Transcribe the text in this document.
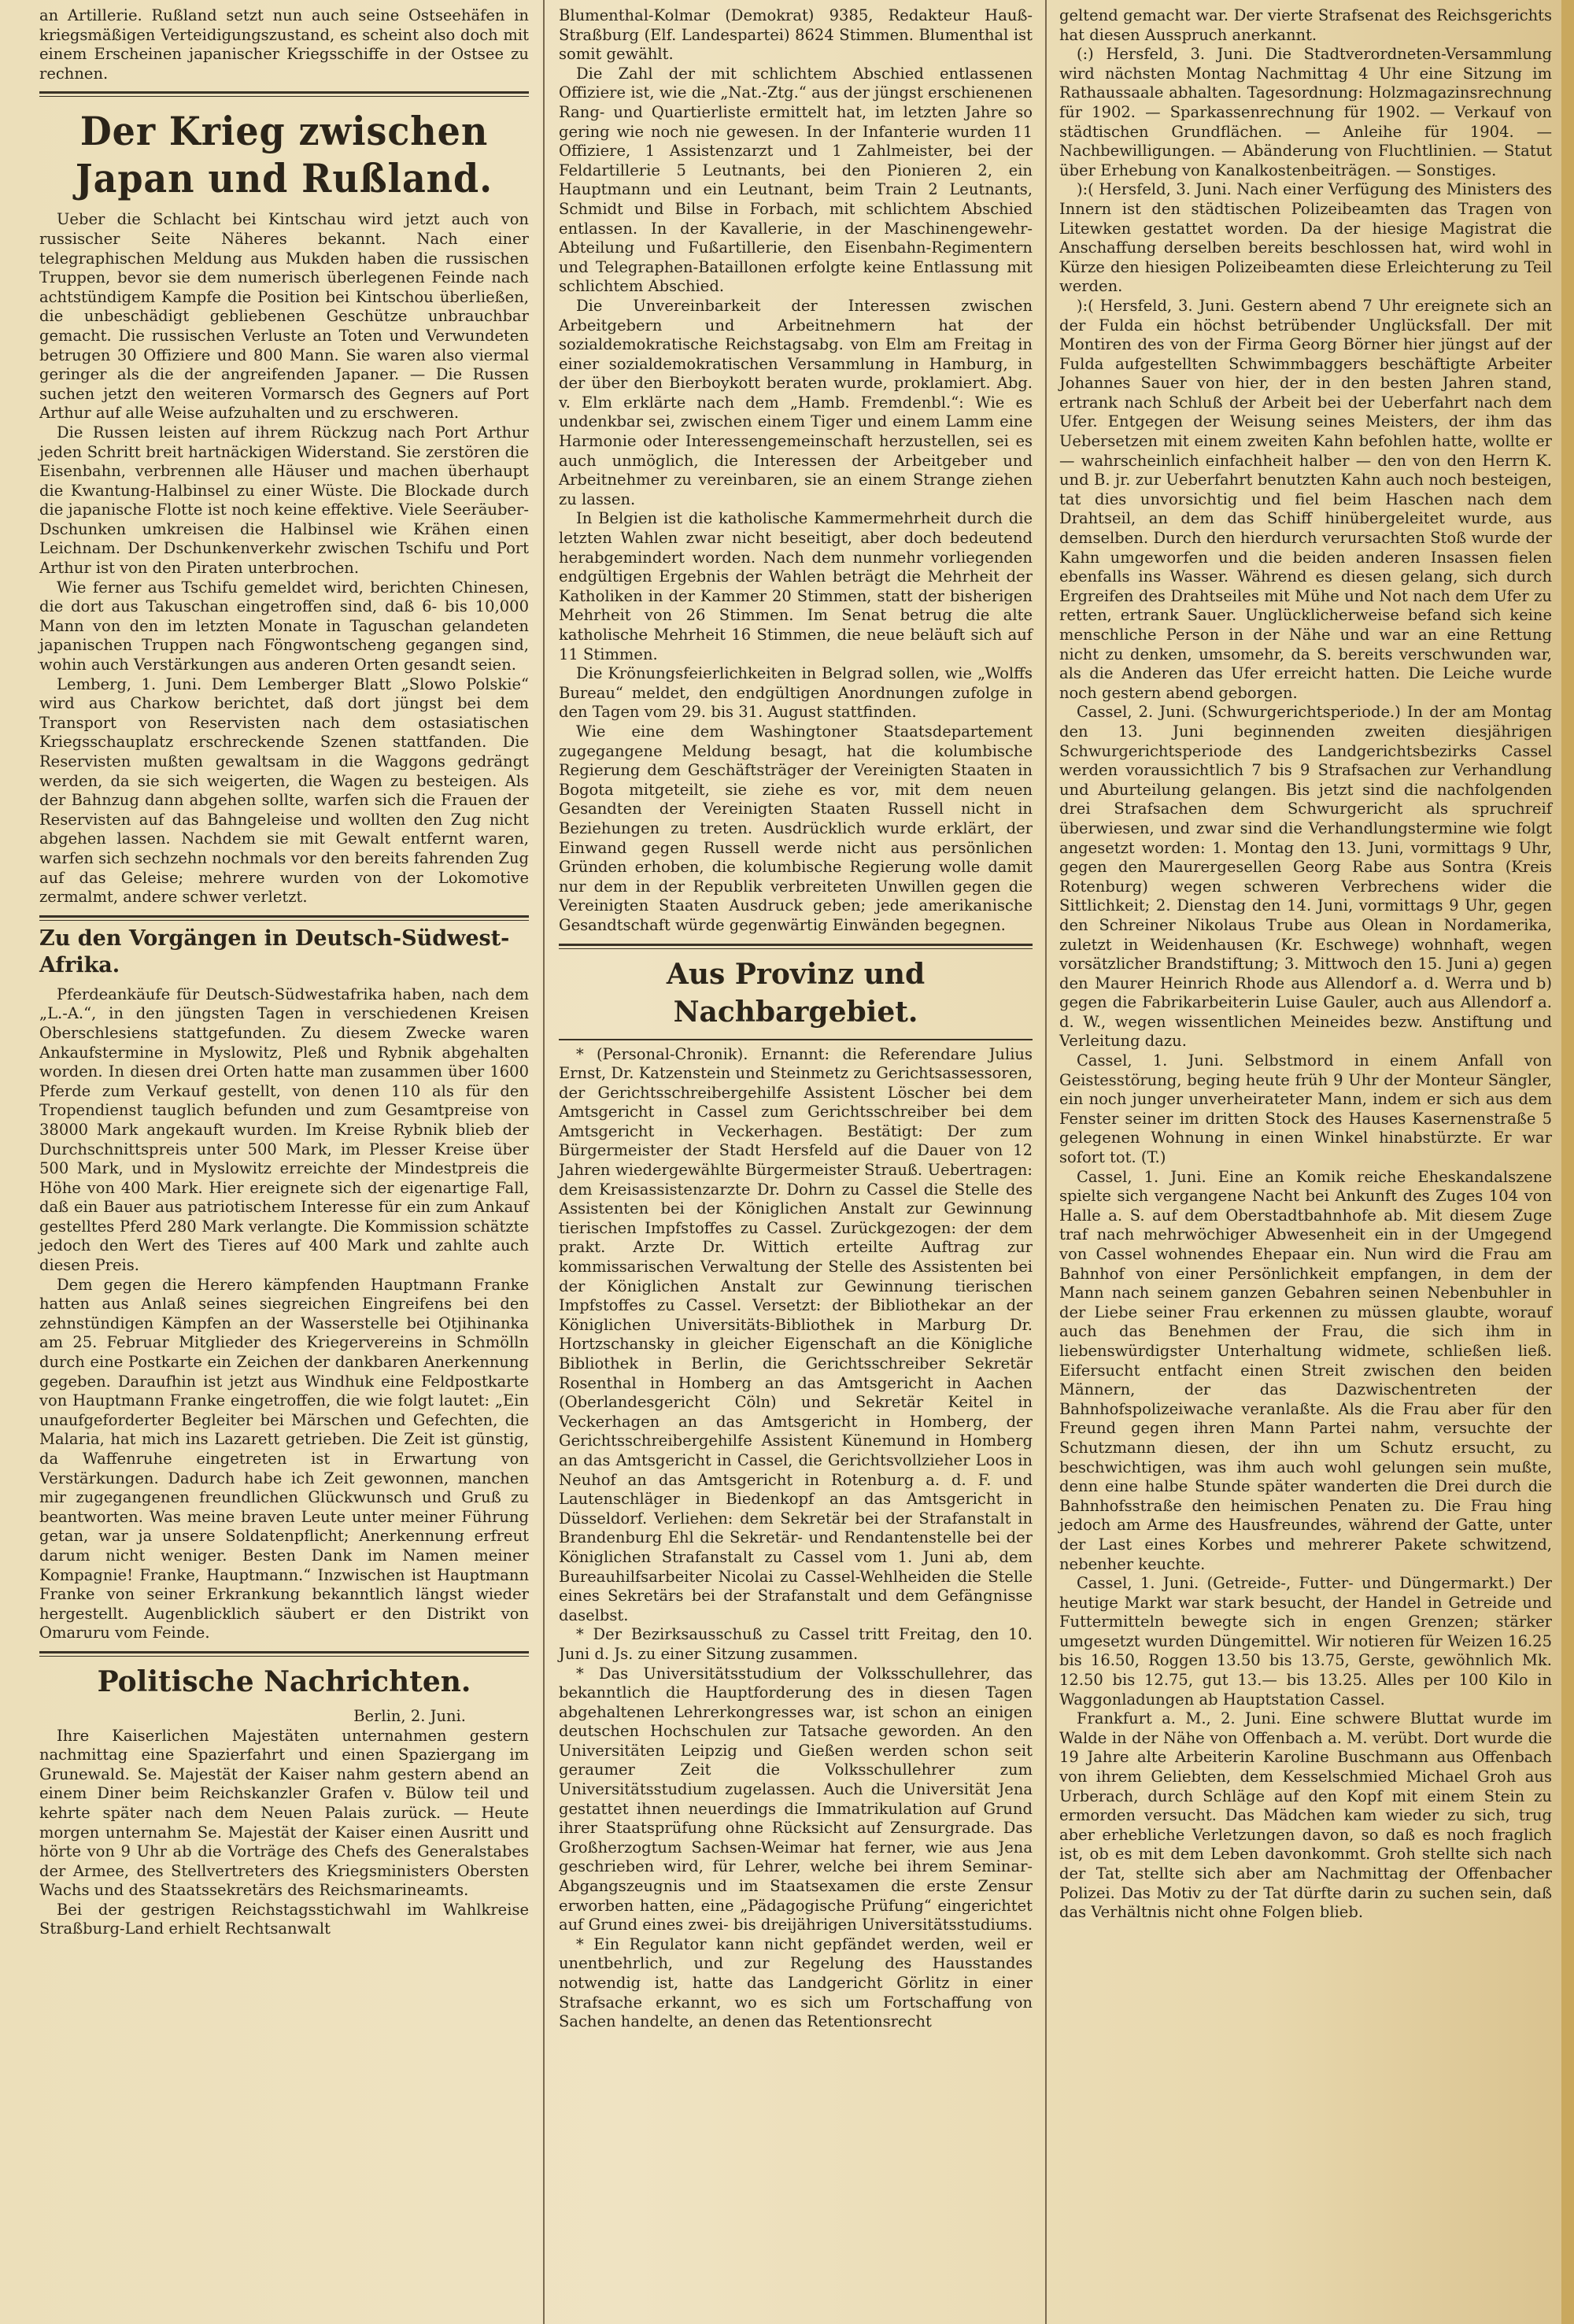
an Artillerie. Rußland setzt nun auch seine Ostseehäfen in kriegsmäßigen Verteidigungszustand, es scheint also doch mit einem Erscheinen japanischer Kriegsschiffe in der Ostsee zu rechnen.

Der Krieg zwischen Japan und Rußland.

Ueber die Schlacht bei Kintschau wird jetzt auch von russischer Seite Näheres bekannt. Nach einer telegraphischen Meldung aus Mukden haben die russischen Truppen, bevor sie dem numerisch überlegenen Feinde nach achtstündigem Kampfe die Position bei Kintschou überließen, die unbeschädigt gebliebenen Geschütze unbrauchbar gemacht. Die russischen Verluste an Toten und Verwundeten betrugen 30 Offiziere und 800 Mann. Sie waren also viermal geringer als die der angreifenden Japaner. — Die Russen suchen jetzt den weiteren Vormarsch des Gegners auf Port Arthur auf alle Weise aufzuhalten und zu erschweren.

Die Russen leisten auf ihrem Rückzug nach Port Arthur jeden Schritt breit hartnäckigen Widerstand. Sie zerstören die Eisenbahn, verbrennen alle Häuser und machen überhaupt die Kwantung-Halbinsel zu einer Wüste. Die Blockade durch die japanische Flotte ist noch keine effektive. Viele Seeräuber-Dschunken umkreisen die Halbinsel wie Krähen einen Leichnam. Der Dschunkenverkehr zwischen Tschifu und Port Arthur ist von den Piraten unterbrochen.

Wie ferner aus Tschifu gemeldet wird, berichten Chinesen, die dort aus Takuschan eingetroffen sind, daß 6- bis 10,000 Mann von den im letzten Monate in Taguschan gelandeten japanischen Truppen nach Föngwontscheng gegangen sind, wohin auch Verstärkungen aus anderen Orten gesandt seien.

Lemberg, 1. Juni. Dem Lemberger Blatt „Slowo Polskie“ wird aus Charkow berichtet, daß dort jüngst bei dem Transport von Reservisten nach dem ostasiatischen Kriegsschauplatz erschreckende Szenen stattfanden. Die Reservisten mußten gewaltsam in die Waggons gedrängt werden, da sie sich weigerten, die Wagen zu besteigen. Als der Bahnzug dann abgehen sollte, warfen sich die Frauen der Reservisten auf das Bahngeleise und wollten den Zug nicht abgehen lassen. Nachdem sie mit Gewalt entfernt waren, warfen sich sechzehn nochmals vor den bereits fahrenden Zug auf das Geleise; mehrere wurden von der Lokomotive zermalmt, andere schwer verletzt.

Zu den Vorgängen in Deutsch-Südwest-Afrika.

Pferdeankäufe für Deutsch-Südwestafrika haben, nach dem „L.-A.“, in den jüngsten Tagen in verschiedenen Kreisen Oberschlesiens stattgefunden. Zu diesem Zwecke waren Ankaufstermine in Myslowitz, Pleß und Rybnik abgehalten worden. In diesen drei Orten hatte man zusammen über 1600 Pferde zum Verkauf gestellt, von denen 110 als für den Tropendienst tauglich befunden und zum Gesamtpreise von 38000 Mark angekauft wurden. Im Kreise Rybnik blieb der Durchschnittspreis unter 500 Mark, im Plesser Kreise über 500 Mark, und in Myslowitz erreichte der Mindestpreis die Höhe von 400 Mark. Hier ereignete sich der eigenartige Fall, daß ein Bauer aus patriotischem Interesse für ein zum Ankauf gestelltes Pferd 280 Mark verlangte. Die Kommission schätzte jedoch den Wert des Tieres auf 400 Mark und zahlte auch diesen Preis.

Dem gegen die Herero kämpfenden Hauptmann Franke hatten aus Anlaß seines siegreichen Eingreifens bei den zehnstündigen Kämpfen an der Wasserstelle bei Otjihinanka am 25. Februar Mitglieder des Kriegervereins in Schmölln durch eine Postkarte ein Zeichen der dankbaren Anerkennung gegeben. Daraufhin ist jetzt aus Windhuk eine Feldpostkarte von Hauptmann Franke eingetroffen, die wie folgt lautet: „Ein unaufgeforderter Begleiter bei Märschen und Gefechten, die Malaria, hat mich ins Lazarett getrieben. Die Zeit ist günstig, da Waffenruhe eingetreten ist in Erwartung von Verstärkungen. Dadurch habe ich Zeit gewonnen, manchen mir zugegangenen freundlichen Glückwunsch und Gruß zu beantworten. Was meine braven Leute unter meiner Führung getan, war ja unsere Soldatenpflicht; Anerkennung erfreut darum nicht weniger. Besten Dank im Namen meiner Kompagnie! Franke, Hauptmann.“ Inzwischen ist Hauptmann Franke von seiner Erkrankung bekanntlich längst wieder hergestellt. Augenblicklich säubert er den Distrikt von Omaruru vom Feinde.

Politische Nachrichten.

Berlin, 2. Juni.

Ihre Kaiserlichen Majestäten unternahmen gestern nachmittag eine Spazierfahrt und einen Spaziergang im Grunewald. Se. Majestät der Kaiser nahm gestern abend an einem Diner beim Reichskanzler Grafen v. Bülow teil und kehrte später nach dem Neuen Palais zurück. — Heute morgen unternahm Se. Majestät der Kaiser einen Ausritt und hörte von 9 Uhr ab die Vorträge des Chefs des Generalstabes der Armee, des Stellvertreters des Kriegsministers Obersten Wachs und des Staatssekretärs des Reichsmarineamts.

Bei der gestrigen Reichstagsstichwahl im Wahlkreise Straßburg-Land erhielt Rechtsanwalt

Blumenthal-Kolmar (Demokrat) 9385, Redakteur Hauß-Straßburg (Elf. Landespartei) 8624 Stimmen. Blumenthal ist somit gewählt.

Die Zahl der mit schlichtem Abschied entlassenen Offiziere ist, wie die „Nat.-Ztg.“ aus der jüngst erschienenen Rang- und Quartierliste ermittelt hat, im letzten Jahre so gering wie noch nie gewesen. In der Infanterie wurden 11 Offiziere, 1 Assistenzarzt und 1 Zahlmeister, bei der Feldartillerie 5 Leutnants, bei den Pionieren 2, ein Hauptmann und ein Leutnant, beim Train 2 Leutnants, Schmidt und Bilse in Forbach, mit schlichtem Abschied entlassen. In der Kavallerie, in der Maschinengewehr-Abteilung und Fußartillerie, den Eisenbahn-Regimentern und Telegraphen-Bataillonen erfolgte keine Entlassung mit schlichtem Abschied.

Die Unvereinbarkeit der Interessen zwischen Arbeitgebern und Arbeitnehmern hat der sozialdemokratische Reichstagsabg. von Elm am Freitag in einer sozialdemokratischen Versammlung in Hamburg, in der über den Bierboykott beraten wurde, proklamiert. Abg. v. Elm erklärte nach dem „Hamb. Fremdenbl.“: Wie es undenkbar sei, zwischen einem Tiger und einem Lamm eine Harmonie oder Interessengemeinschaft herzustellen, sei es auch unmöglich, die Interessen der Arbeitgeber und Arbeitnehmer zu vereinbaren, sie an einem Strange ziehen zu lassen.

In Belgien ist die katholische Kammermehrheit durch die letzten Wahlen zwar nicht beseitigt, aber doch bedeutend herabgemindert worden. Nach dem nunmehr vorliegenden endgültigen Ergebnis der Wahlen beträgt die Mehrheit der Katholiken in der Kammer 20 Stimmen, statt der bisherigen Mehrheit von 26 Stimmen. Im Senat betrug die alte katholische Mehrheit 16 Stimmen, die neue beläuft sich auf 11 Stimmen.

Die Krönungsfeierlichkeiten in Belgrad sollen, wie „Wolffs Bureau“ meldet, den endgültigen Anordnungen zufolge in den Tagen vom 29. bis 31. August stattfinden.

Wie eine dem Washingtoner Staatsdepartement zugegangene Meldung besagt, hat die kolumbische Regierung dem Geschäftsträger der Vereinigten Staaten in Bogota mitgeteilt, sie ziehe es vor, mit dem neuen Gesandten der Vereinigten Staaten Russell nicht in Beziehungen zu treten. Ausdrücklich wurde erklärt, der Einwand gegen Russell werde nicht aus persönlichen Gründen erhoben, die kolumbische Regierung wolle damit nur dem in der Republik verbreiteten Unwillen gegen die Vereinigten Staaten Ausdruck geben; jede amerikanische Gesandtschaft würde gegenwärtig Einwänden begegnen.

Aus Provinz und Nachbargebiet.

* (Personal-Chronik). Ernannt: die Referendare Julius Ernst, Dr. Katzenstein und Steinmetz zu Gerichtsassessoren, der Gerichtsschreibergehilfe Assistent Löscher bei dem Amtsgericht in Cassel zum Gerichtsschreiber bei dem Amtsgericht in Veckerhagen. Bestätigt: Der zum Bürgermeister der Stadt Hersfeld auf die Dauer von 12 Jahren wiedergewählte Bürgermeister Strauß. Uebertragen: dem Kreisassistenzarzte Dr. Dohrn zu Cassel die Stelle des Assistenten bei der Königlichen Anstalt zur Gewinnung tierischen Impfstoffes zu Cassel. Zurückgezogen: der dem prakt. Arzte Dr. Wittich erteilte Auftrag zur kommissarischen Verwaltung der Stelle des Assistenten bei der Königlichen Anstalt zur Gewinnung tierischen Impfstoffes zu Cassel. Versetzt: der Bibliothekar an der Königlichen Universitäts-Bibliothek in Marburg Dr. Hortzschansky in gleicher Eigenschaft an die Königliche Bibliothek in Berlin, die Gerichtsschreiber Sekretär Rosenthal in Homberg an das Amtsgericht in Aachen (Oberlandesgericht Cöln) und Sekretär Keitel in Veckerhagen an das Amtsgericht in Homberg, der Gerichtsschreibergehilfe Assistent Künemund in Homberg an das Amtsgericht in Cassel, die Gerichtsvollzieher Loos in Neuhof an das Amtsgericht in Rotenburg a. d. F. und Lautenschläger in Biedenkopf an das Amtsgericht in Düsseldorf. Verliehen: dem Sekretär bei der Strafanstalt in Brandenburg Ehl die Sekretär- und Rendantenstelle bei der Königlichen Strafanstalt zu Cassel vom 1. Juni ab, dem Bureauhilfsarbeiter Nicolai zu Cassel-Wehlheiden die Stelle eines Sekretärs bei der Strafanstalt und dem Gefängnisse daselbst.

* Der Bezirksausschuß zu Cassel tritt Freitag, den 10. Juni d. Js. zu einer Sitzung zusammen.

* Das Universitätsstudium der Volksschullehrer, das bekanntlich die Hauptforderung des in diesen Tagen abgehaltenen Lehrerkongresses war, ist schon an einigen deutschen Hochschulen zur Tatsache geworden. An den Universitäten Leipzig und Gießen werden schon seit geraumer Zeit die Volksschullehrer zum Universitätsstudium zugelassen. Auch die Universität Jena gestattet ihnen neuerdings die Immatrikulation auf Grund ihrer Staatsprüfung ohne Rücksicht auf Zensurgrade. Das Großherzogtum Sachsen-Weimar hat ferner, wie aus Jena geschrieben wird, für Lehrer, welche bei ihrem Seminar-Abgangszeugnis und im Staatsexamen die erste Zensur erworben hatten, eine „Pädagogische Prüfung“ eingerichtet auf Grund eines zwei- bis dreijährigen Universitätsstudiums.

* Ein Regulator kann nicht gepfändet werden, weil er unentbehrlich, und zur Regelung des Hausstandes notwendig ist, hatte das Landgericht Görlitz in einer Strafsache erkannt, wo es sich um Fortschaffung von Sachen handelte, an denen das Retentionsrecht

geltend gemacht war. Der vierte Strafsenat des Reichsgerichts hat diesen Ausspruch anerkannt.

(:) Hersfeld, 3. Juni. Die Stadtverordneten-Versammlung wird nächsten Montag Nachmittag 4 Uhr eine Sitzung im Rathaussaale abhalten. Tagesordnung: Holzmagazinsrechnung für 1902. — Sparkassenrechnung für 1902. — Verkauf von städtischen Grundflächen. — Anleihe für 1904. — Nachbewilligungen. — Abänderung von Fluchtlinien. — Statut über Erhebung von Kanalkostenbeiträgen. — Sonstiges.

):( Hersfeld, 3. Juni. Nach einer Verfügung des Ministers des Innern ist den städtischen Polizeibeamten das Tragen von Litewken gestattet worden. Da der hiesige Magistrat die Anschaffung derselben bereits beschlossen hat, wird wohl in Kürze den hiesigen Polizeibeamten diese Erleichterung zu Teil werden.

):( Hersfeld, 3. Juni. Gestern abend 7 Uhr ereignete sich an der Fulda ein höchst betrübender Unglücksfall. Der mit Montiren des von der Firma Georg Börner hier jüngst auf der Fulda aufgestellten Schwimmbaggers beschäftigte Arbeiter Johannes Sauer von hier, der in den besten Jahren stand, ertrank nach Schluß der Arbeit bei der Ueberfahrt nach dem Ufer. Entgegen der Weisung seines Meisters, der ihm das Uebersetzen mit einem zweiten Kahn befohlen hatte, wollte er — wahrscheinlich einfachheit halber — den von den Herrn K. und B. jr. zur Ueberfahrt benutzten Kahn auch noch besteigen, tat dies unvorsichtig und fiel beim Haschen nach dem Drahtseil, an dem das Schiff hinübergeleitet wurde, aus demselben. Durch den hierdurch verursachten Stoß wurde der Kahn umgeworfen und die beiden anderen Insassen fielen ebenfalls ins Wasser. Während es diesen gelang, sich durch Ergreifen des Drahtseiles mit Mühe und Not nach dem Ufer zu retten, ertrank Sauer. Unglücklicherweise befand sich keine menschliche Person in der Nähe und war an eine Rettung nicht zu denken, umsomehr, da S. bereits verschwunden war, als die Anderen das Ufer erreicht hatten. Die Leiche wurde noch gestern abend geborgen.

Cassel, 2. Juni. (Schwurgerichtsperiode.) In der am Montag den 13. Juni beginnenden zweiten diesjährigen Schwurgerichtsperiode des Landgerichtsbezirks Cassel werden voraussichtlich 7 bis 9 Strafsachen zur Verhandlung und Aburteilung gelangen. Bis jetzt sind die nachfolgenden drei Strafsachen dem Schwurgericht als spruchreif überwiesen, und zwar sind die Verhandlungstermine wie folgt angesetzt worden: 1. Montag den 13. Juni, vormittags 9 Uhr, gegen den Maurergesellen Georg Rabe aus Sontra (Kreis Rotenburg) wegen schweren Verbrechens wider die Sittlichkeit; 2. Dienstag den 14. Juni, vormittags 9 Uhr, gegen den Schreiner Nikolaus Trube aus Olean in Nordamerika, zuletzt in Weidenhausen (Kr. Eschwege) wohnhaft, wegen vorsätzlicher Brandstiftung; 3. Mittwoch den 15. Juni a) gegen den Maurer Heinrich Rhode aus Allendorf a. d. Werra und b) gegen die Fabrikarbeiterin Luise Gauler, auch aus Allendorf a. d. W., wegen wissentlichen Meineides bezw. Anstiftung und Verleitung dazu.

Cassel, 1. Juni. Selbstmord in einem Anfall von Geistesstörung, beging heute früh 9 Uhr der Monteur Sängler, ein noch junger unverheirateter Mann, indem er sich aus dem Fenster seiner im dritten Stock des Hauses Kasernenstraße 5 gelegenen Wohnung in einen Winkel hinabstürzte. Er war sofort tot. (T.)

Cassel, 1. Juni. Eine an Komik reiche Eheskandalszene spielte sich vergangene Nacht bei Ankunft des Zuges 104 von Halle a. S. auf dem Oberstadtbahnhofe ab. Mit diesem Zuge traf nach mehrwöchiger Abwesenheit ein in der Umgegend von Cassel wohnendes Ehepaar ein. Nun wird die Frau am Bahnhof von einer Persönlichkeit empfangen, in dem der Mann nach seinem ganzen Gebahren seinen Nebenbuhler in der Liebe seiner Frau erkennen zu müssen glaubte, worauf auch das Benehmen der Frau, die sich ihm in liebenswürdigster Unterhaltung widmete, schließen ließ. Eifersucht entfacht einen Streit zwischen den beiden Männern, der das Dazwischentreten der Bahnhofspolizeiwache veranlaßte. Als die Frau aber für den Freund gegen ihren Mann Partei nahm, versuchte der Schutzmann diesen, der ihn um Schutz ersucht, zu beschwichtigen, was ihm auch wohl gelungen sein mußte, denn eine halbe Stunde später wanderten die Drei durch die Bahnhofsstraße den heimischen Penaten zu. Die Frau hing jedoch am Arme des Hausfreundes, während der Gatte, unter der Last eines Korbes und mehrerer Pakete schwitzend, nebenher keuchte.

Cassel, 1. Juni. (Getreide-, Futter- und Düngermarkt.) Der heutige Markt war stark besucht, der Handel in Getreide und Futtermitteln bewegte sich in engen Grenzen; stärker umgesetzt wurden Düngemittel. Wir notieren für Weizen 16.25 bis 16.50, Roggen 13.50 bis 13.75, Gerste, gewöhnlich Mk. 12.50 bis 12.75, gut 13.— bis 13.25. Alles per 100 Kilo in Waggonladungen ab Hauptstation Cassel.

Frankfurt a. M., 2. Juni. Eine schwere Bluttat wurde im Walde in der Nähe von Offenbach a. M. verübt. Dort wurde die 19 Jahre alte Arbeiterin Karoline Buschmann aus Offenbach von ihrem Geliebten, dem Kesselschmied Michael Groh aus Urberach, durch Schläge auf den Kopf mit einem Stein zu ermorden versucht. Das Mädchen kam wieder zu sich, trug aber erhebliche Verletzungen davon, so daß es noch fraglich ist, ob es mit dem Leben davonkommt. Groh stellte sich nach der Tat, stellte sich aber am Nachmittag der Offenbacher Polizei. Das Motiv zu der Tat dürfte darin zu suchen sein, daß das Verhältnis nicht ohne Folgen blieb.
